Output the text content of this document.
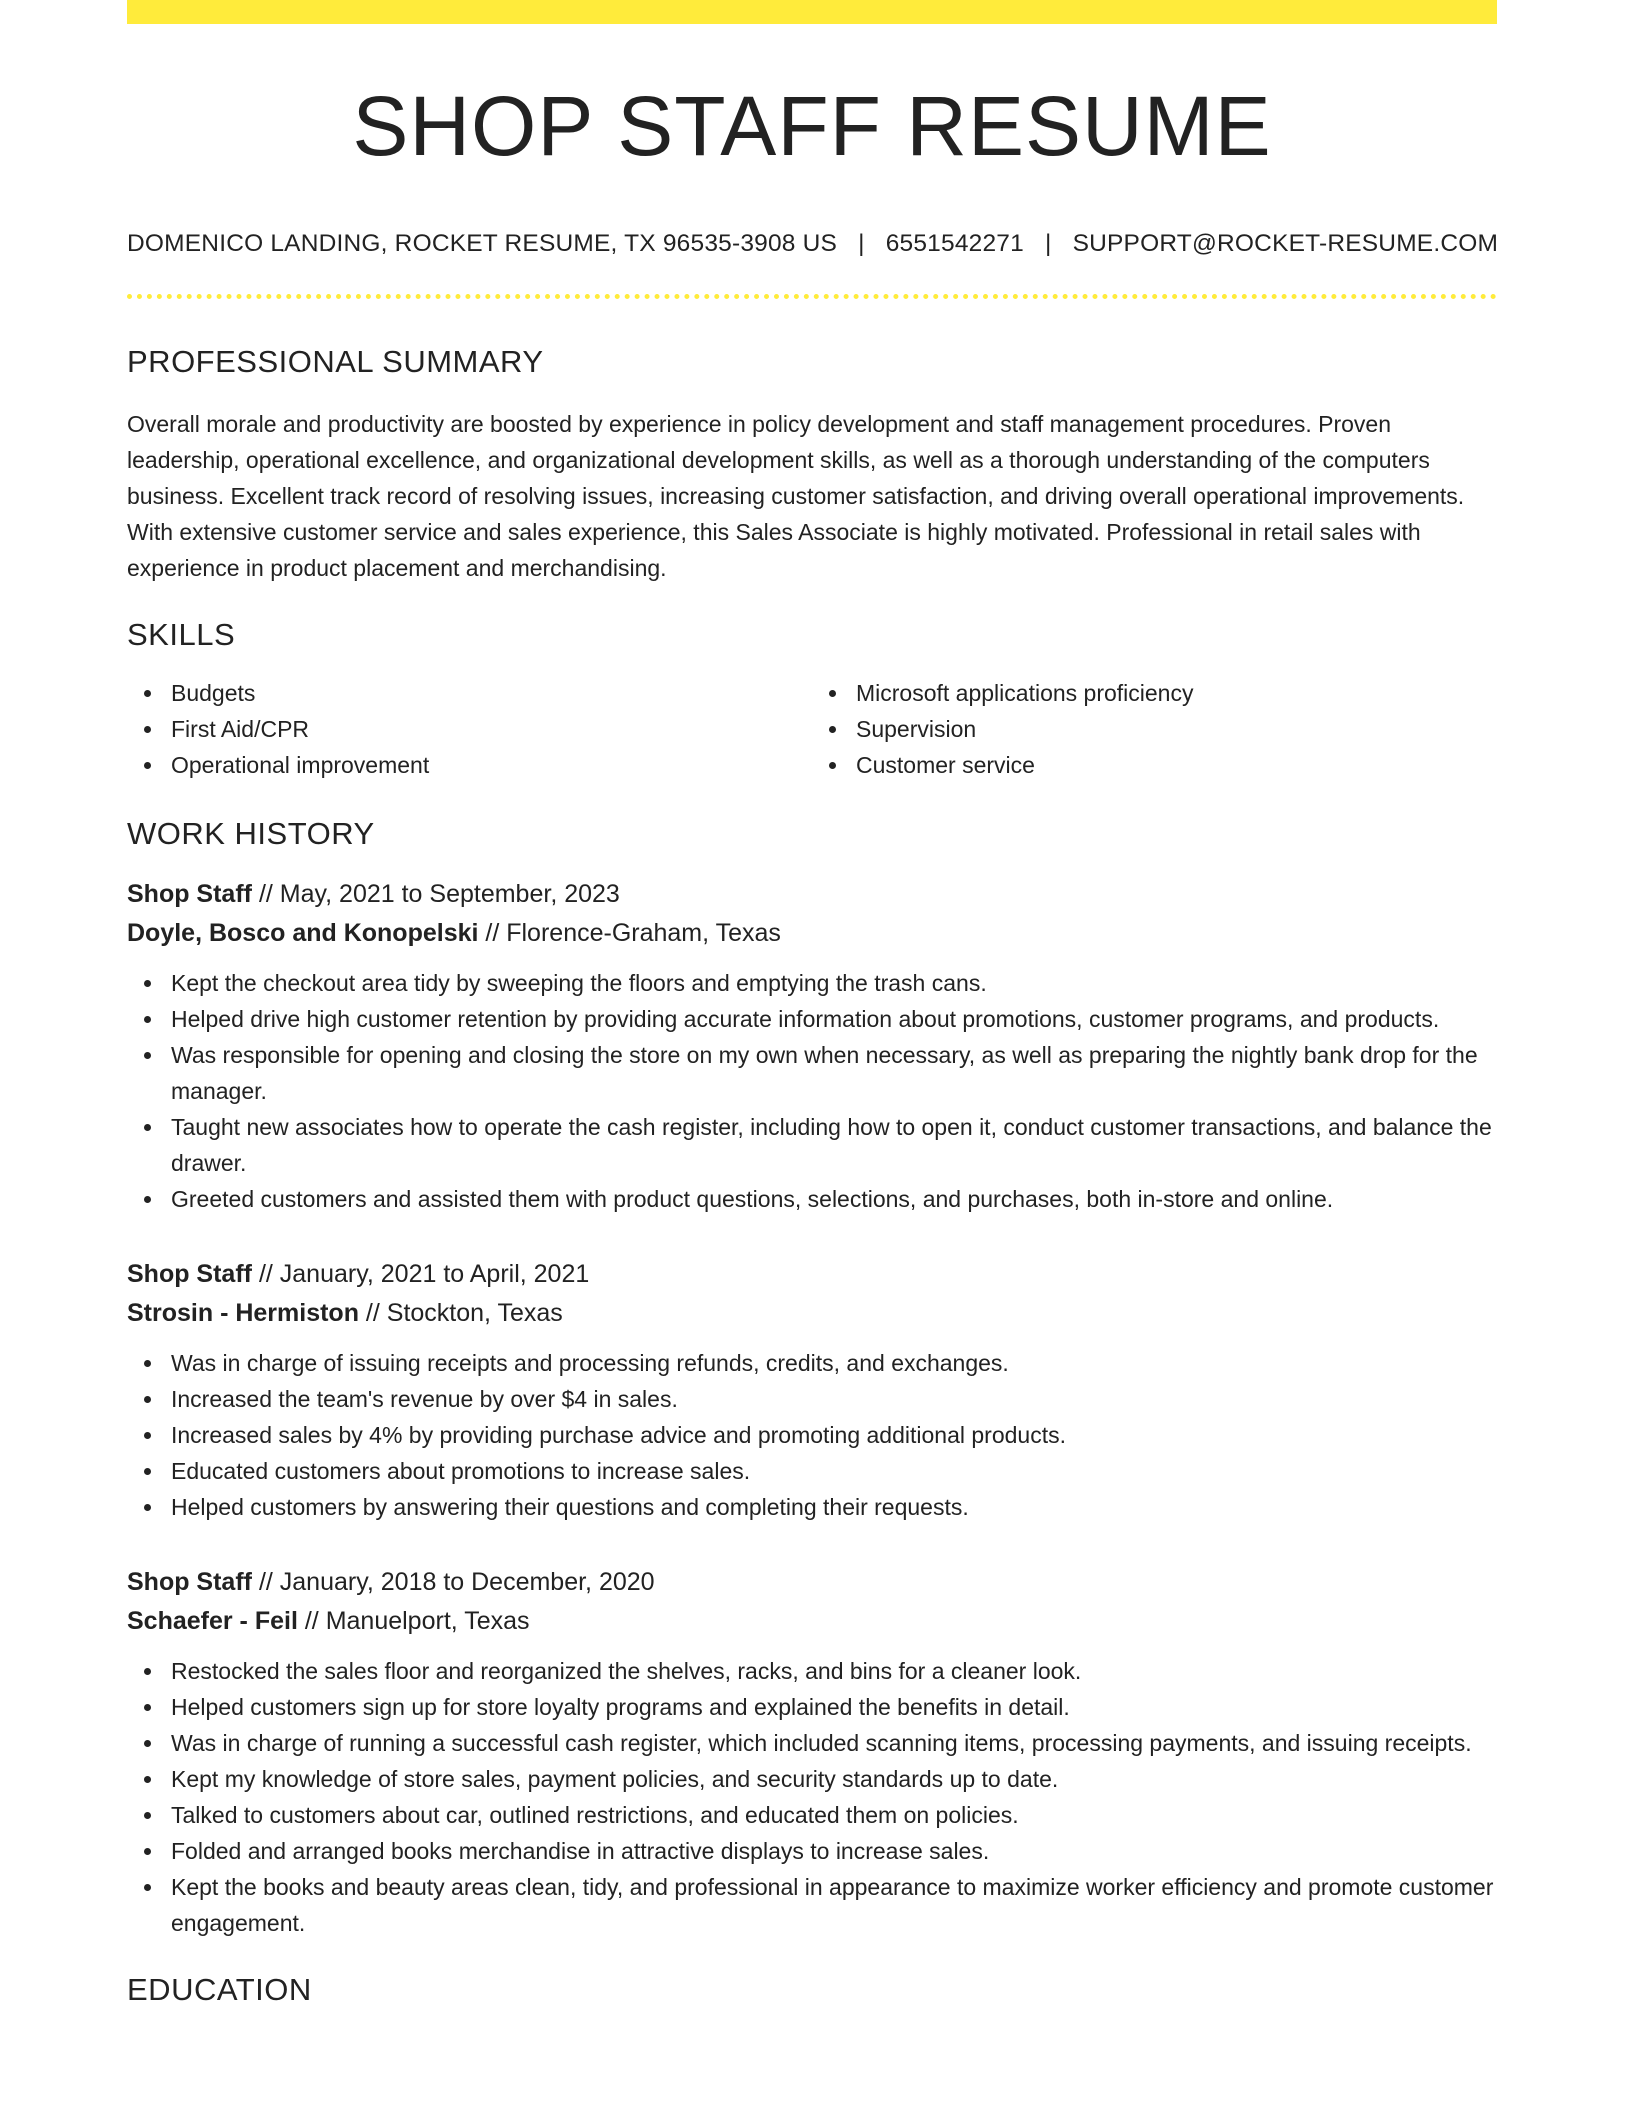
SHOP STAFF RESUME
DOMENICO LANDING, ROCKET RESUME, TX 96535-3908 US | 6551542271 | SUPPORT@ROCKET-RESUME.COM
PROFESSIONAL SUMMARY

Overall morale and productivity are boosted by experience in policy development and staff management procedures. Proven leadership, operational excellence, and organizational development skills, as well as a thorough understanding of the computers business. Excellent track record of resolving issues, increasing customer satisfaction, and driving overall operational improvements. With extensive customer service and sales experience, this Sales Associate is highly motivated. Professional in retail sales with experience in product placement and merchandising.

SKILLS
Budgets
First Aid/CPR
Operational improvement
Microsoft applications proficiency
Supervision
Customer service
WORK HISTORY
Shop Staff // May, 2021 to September, 2023
Doyle, Bosco and Konopelski // Florence-Graham, Texas
Kept the checkout area tidy by sweeping the floors and emptying the trash cans.
Helped drive high customer retention by providing accurate information about promotions, customer programs, and products.
Was responsible for opening and closing the store on my own when necessary, as well as preparing the nightly bank drop for the manager.
Taught new associates how to operate the cash register, including how to open it, conduct customer transactions, and balance the drawer.
Greeted customers and assisted them with product questions, selections, and purchases, both in-store and online.
Shop Staff // January, 2021 to April, 2021
Strosin - Hermiston // Stockton, Texas
Was in charge of issuing receipts and processing refunds, credits, and exchanges.
Increased the team's revenue by over $4 in sales.
Increased sales by 4% by providing purchase advice and promoting additional products.
Educated customers about promotions to increase sales.
Helped customers by answering their questions and completing their requests.
Shop Staff // January, 2018 to December, 2020
Schaefer - Feil // Manuelport, Texas
Restocked the sales floor and reorganized the shelves, racks, and bins for a cleaner look.
Helped customers sign up for store loyalty programs and explained the benefits in detail.
Was in charge of running a successful cash register, which included scanning items, processing payments, and issuing receipts.
Kept my knowledge of store sales, payment policies, and security standards up to date.
Talked to customers about car, outlined restrictions, and educated them on policies.
Folded and arranged books merchandise in attractive displays to increase sales.
Kept the books and beauty areas clean, tidy, and professional in appearance to maximize worker efficiency and promote customer engagement.
EDUCATION
